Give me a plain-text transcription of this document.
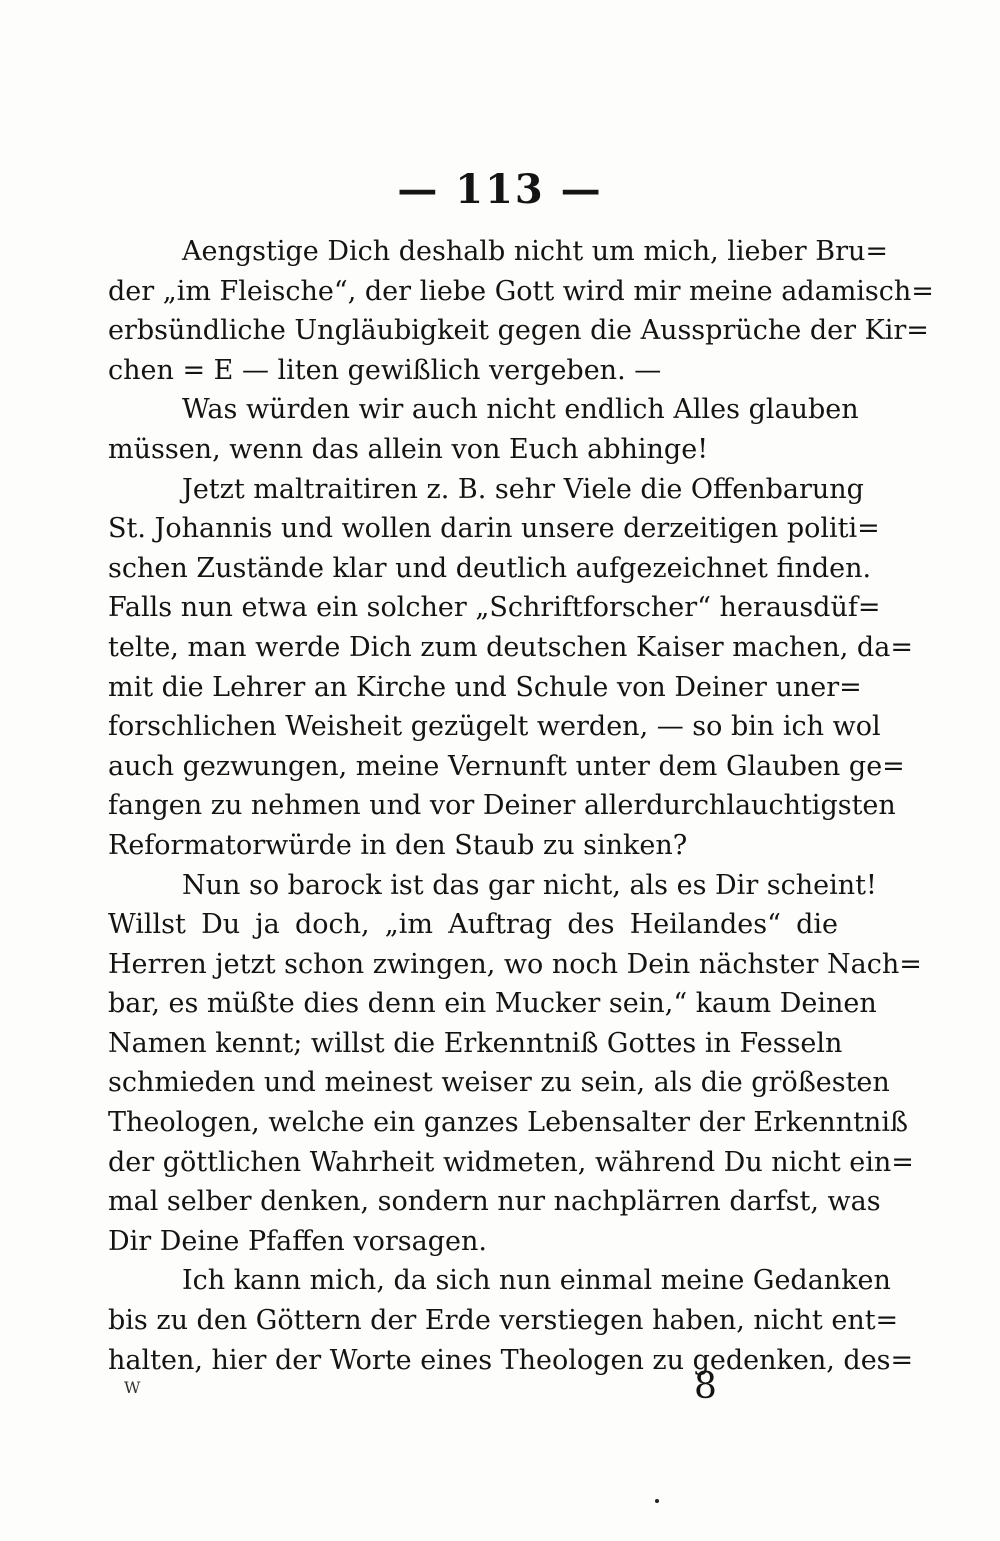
— 113 —
Aengstige Dich deshalb nicht um mich, lieber Bru=
der „im Fleische“, der liebe Gott wird mir meine adamisch=
erbsündliche Ungläubigkeit gegen die Aussprüche der Kir=
chen = E — liten gewißlich vergeben. —
Was würden wir auch nicht endlich Alles glauben
müssen, wenn das allein von Euch abhinge!
Jetzt maltraitiren z. B. sehr Viele die Offenbarung
St. Johannis und wollen darin unsere derzeitigen politi=
schen Zustände klar und deutlich aufgezeichnet finden.
Falls nun etwa ein solcher „Schriftforscher“ herausdüf=
telte, man werde Dich zum deutschen Kaiser machen, da=
mit die Lehrer an Kirche und Schule von Deiner uner=
forschlichen Weisheit gezügelt werden, — so bin ich wol
auch gezwungen, meine Vernunft unter dem Glauben ge=
fangen zu nehmen und vor Deiner allerdurchlauchtigsten
Reformatorwürde in den Staub zu sinken?
Nun so barock ist das gar nicht, als es Dir scheint!
Willst Du ja doch, „im Auftrag des Heilandes“ die
Herren jetzt schon zwingen, wo noch Dein nächster Nach=
bar, es müßte dies denn ein Mucker sein,“ kaum Deinen
Namen kennt; willst die Erkenntniß Gottes in Fesseln
schmieden und meinest weiser zu sein, als die größesten
Theologen, welche ein ganzes Lebensalter der Erkenntniß
der göttlichen Wahrheit widmeten, während Du nicht ein=
mal selber denken, sondern nur nachplärren darfst, was
Dir Deine Pfaffen vorsagen.
Ich kann mich, da sich nun einmal meine Gedanken
bis zu den Göttern der Erde verstiegen haben, nicht ent=
halten, hier der Worte eines Theologen zu gedenken, des=
W	8
